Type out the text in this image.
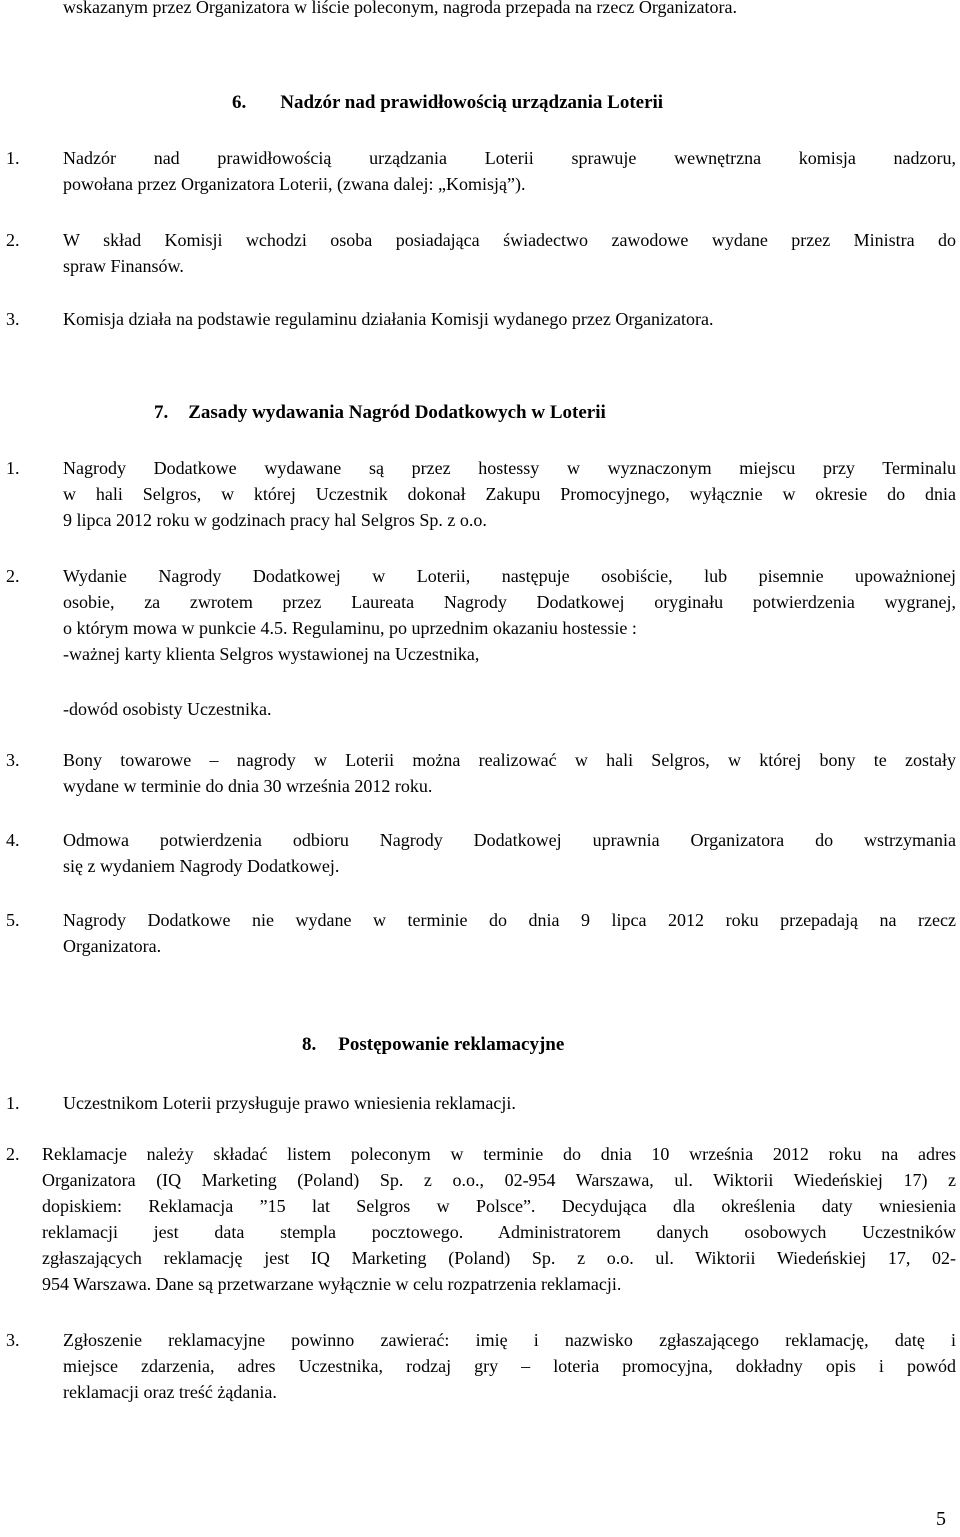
wskazanym przez Organizatora w liście poleconym, nagroda przepada na rzecz Organizatora.
6. Nadzór nad prawidłowością urządzania Loterii
1. Nadzór nad prawidłowością urządzania Loterii sprawuje wewnętrzna komisja nadzoru,
powołana przez Organizatora Loterii, (zwana dalej: „Komisją”).
2. W skład Komisji wchodzi osoba posiadająca świadectwo zawodowe wydane przez Ministra do
spraw Finansów.
3. Komisja działa na podstawie regulaminu działania Komisji wydanego przez Organizatora.
7. Zasady wydawania Nagród Dodatkowych w Loterii
1. Nagrody Dodatkowe wydawane są przez hostessy w wyznaczonym miejscu przy Terminalu
w hali Selgros, w której Uczestnik dokonał Zakupu Promocyjnego, wyłącznie w okresie do dnia
9 lipca 2012 roku w godzinach pracy hal Selgros Sp. z o.o.
2. Wydanie Nagrody Dodatkowej w Loterii, następuje osobiście, lub pisemnie upoważnionej
osobie, za zwrotem przez Laureata Nagrody Dodatkowej oryginału potwierdzenia wygranej,
o którym mowa w punkcie 4.5. Regulaminu, po uprzednim okazaniu hostessie :
-ważnej karty klienta Selgros wystawionej na Uczestnika,
-dowód osobisty Uczestnika.
3. Bony towarowe – nagrody w Loterii można realizować w hali Selgros, w której bony te zostały
wydane w terminie do dnia 30 września 2012 roku.
4. Odmowa potwierdzenia odbioru Nagrody Dodatkowej uprawnia Organizatora do wstrzymania
się z wydaniem Nagrody Dodatkowej.
5. Nagrody Dodatkowe nie wydane w terminie do dnia 9 lipca 2012 roku przepadają na rzecz
Organizatora.
8. Postępowanie reklamacyjne
1. Uczestnikom Loterii przysługuje prawo wniesienia reklamacji.
2. Reklamacje należy składać listem poleconym w terminie do dnia 10 września 2012 roku na adres
Organizatora (IQ Marketing (Poland) Sp. z o.o., 02-954 Warszawa, ul. Wiktorii Wiedeńskiej 17) z
dopiskiem: Reklamacja ”15 lat Selgros w Polsce”. Decydująca dla określenia daty wniesienia
reklamacji jest data stempla pocztowego. Administratorem danych osobowych Uczestników
zgłaszających reklamację jest IQ Marketing (Poland) Sp. z o.o. ul. Wiktorii Wiedeńskiej 17, 02-
954 Warszawa. Dane są przetwarzane wyłącznie w celu rozpatrzenia reklamacji.
3. Zgłoszenie reklamacyjne powinno zawierać: imię i nazwisko zgłaszającego reklamację, datę i
miejsce zdarzenia, adres Uczestnika, rodzaj gry – loteria promocyjna, dokładny opis i powód
reklamacji oraz treść żądania.
5
